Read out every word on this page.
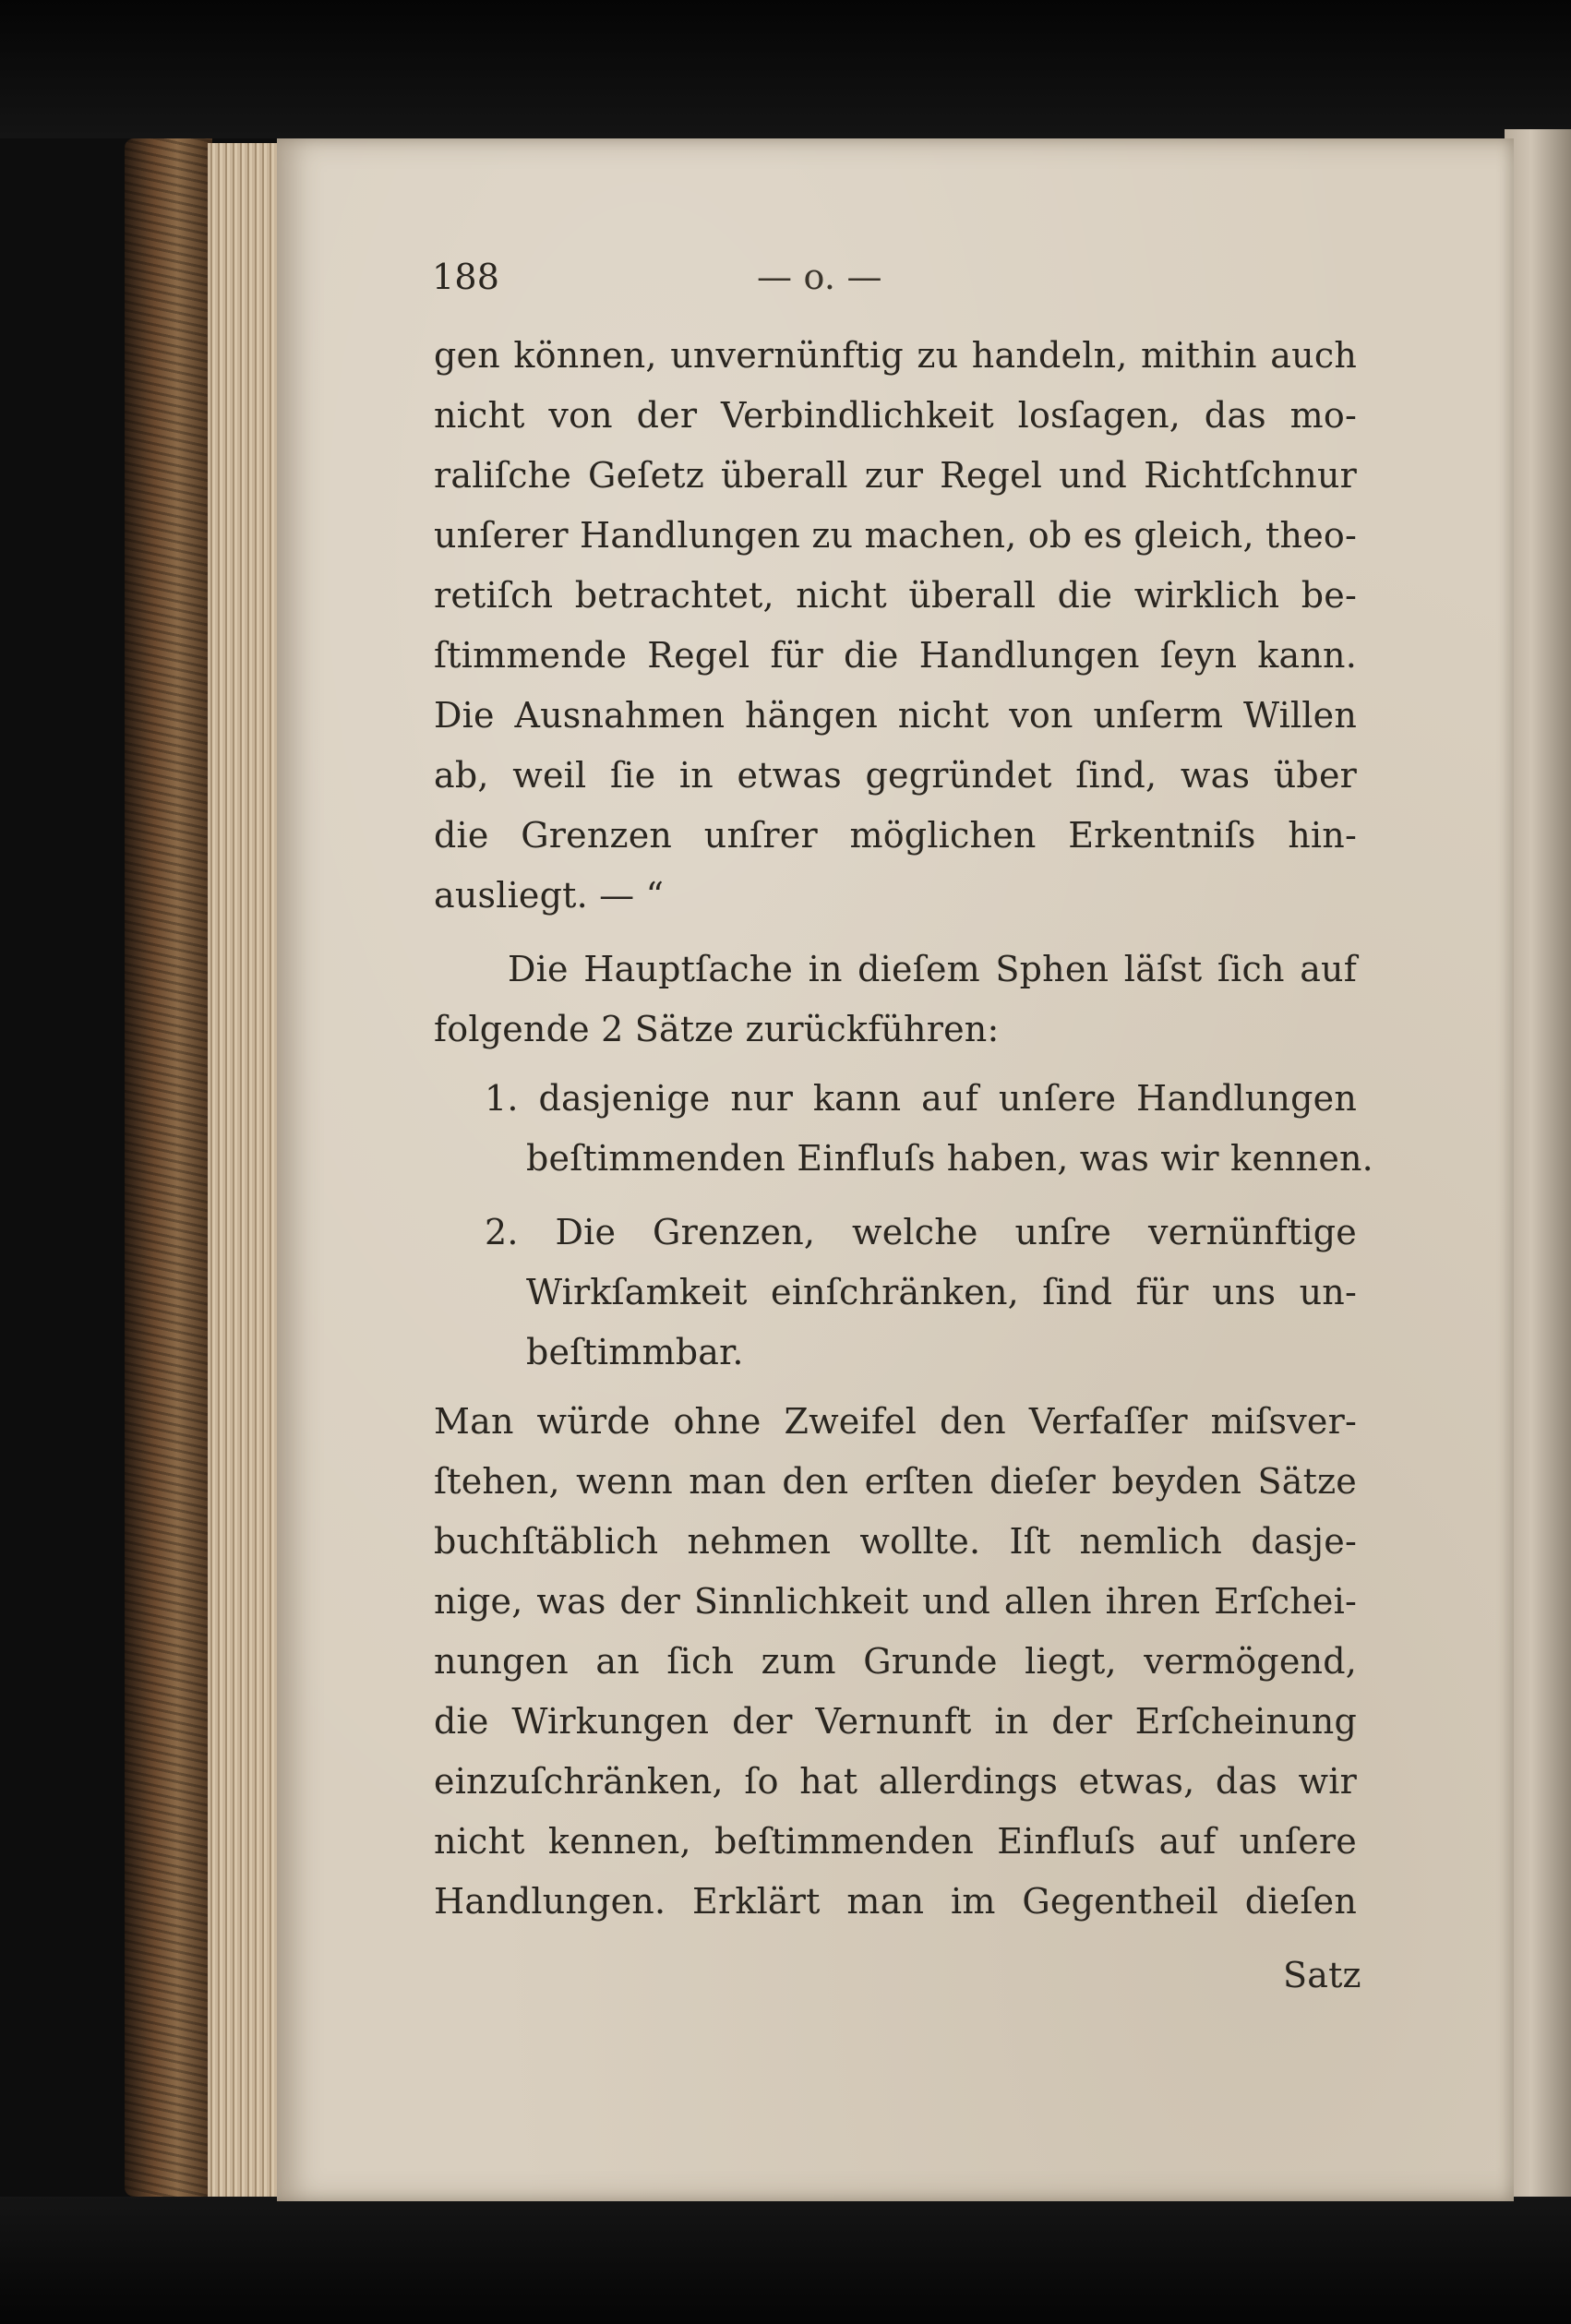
188	— o. —
gen können, unvernünftig zu handeln, mithin auch
nicht von der Verbindlichkeit losſagen, das mo-
raliſche Geſetz überall zur Regel und Richtſchnur
unſerer Handlungen zu machen, ob es gleich, theo-
retiſch betrachtet, nicht überall die wirklich be-
ſtimmende Regel für die Handlungen ſeyn kann.
Die Ausnahmen hängen nicht von unſerm Willen
ab, weil ſie in etwas gegründet ſind, was über
die Grenzen unſrer möglichen Erkentniſs hin-
ausliegt. — “
Die Hauptſache in dieſem Sphen läſst ſich auf
folgende 2 Sätze zurückführen:
1. dasjenige nur kann auf unſere Handlungen
beſtimmenden Einfluſs haben, was wir kennen.
2. Die Grenzen, welche unſre vernünftige
Wirkſamkeit einſchränken, ſind für uns un-
beſtimmbar.
Man würde ohne Zweifel den Verfaſſer miſsver-
ſtehen, wenn man den erſten dieſer beyden Sätze
buchſtäblich nehmen wollte. Iſt nemlich dasje-
nige, was der Sinnlichkeit und allen ihren Erſchei-
nungen an ſich zum Grunde liegt, vermögend,
die Wirkungen der Vernunft in der Erſcheinung
einzuſchränken, ſo hat allerdings etwas, das wir
nicht kennen, beſtimmenden Einfluſs auf unſere
Handlungen. Erklärt man im Gegentheil dieſen
Satz
